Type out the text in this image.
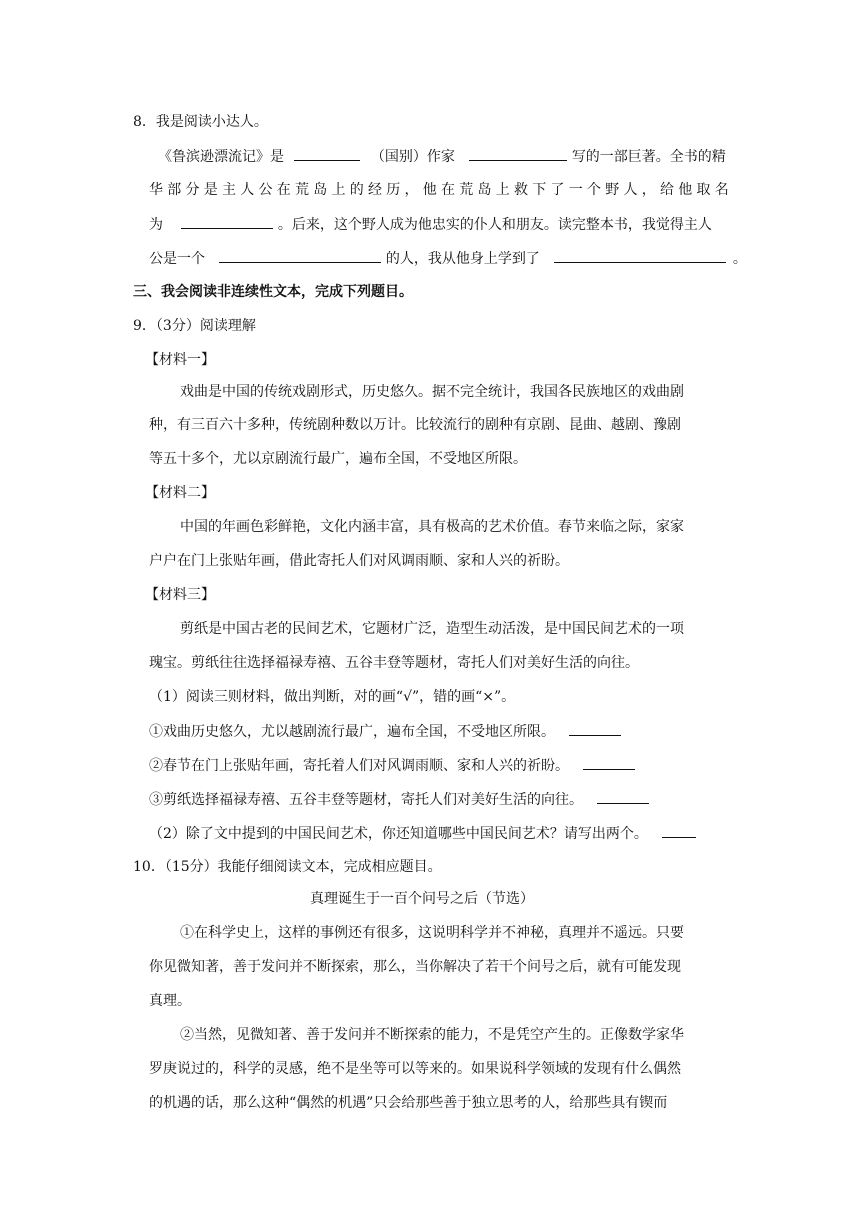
8．我是阅读小达人。
《鲁滨逊漂流记》是	（国别）作家	写的一部巨著。全书的精
华 部 分 是 主 人 公 在 荒 岛 上 的 经 历 ， 他 在 荒 岛 上 救 下 了 一 个 野 人 ， 给 他 取 名
为	。后来，这个野人成为他忠实的仆人和朋友。读完整本书，我觉得主人
公是一个	的人，我从他身上学到了	。
三、我会阅读非连续性文本，完成下列题目。
9．（3分）阅读理解
【材料一】
戏曲是中国的传统戏剧形式，历史悠久。据不完全统计，我国各民族地区的戏曲剧
种，有三百六十多种，传统剧种数以万计。比较流行的剧种有京剧、昆曲、越剧、豫剧
等五十多个，尤以京剧流行最广，遍布全国，不受地区所限。
【材料二】
中国的年画色彩鲜艳，文化内涵丰富，具有极高的艺术价值。春节来临之际，家家
户户在门上张贴年画，借此寄托人们对风调雨顺、家和人兴的祈盼。
【材料三】
剪纸是中国古老的民间艺术，它题材广泛，造型生动活泼，是中国民间艺术的一项
瑰宝。剪纸往往选择福禄寿禧、五谷丰登等题材，寄托人们对美好生活的向往。
（1）阅读三则材料，做出判断，对的画“√”，错的画“×”。
①戏曲历史悠久，尤以越剧流行最广，遍布全国，不受地区所限。
②春节在门上张贴年画，寄托着人们对风调雨顺、家和人兴的祈盼。
③剪纸选择福禄寿禧、五谷丰登等题材，寄托人们对美好生活的向往。
（2）除了文中提到的中国民间艺术，你还知道哪些中国民间艺术？请写出两个。
10．（15分）我能仔细阅读文本，完成相应题目。
真理诞生于一百个问号之后（节选）
①在科学史上，这样的事例还有很多，这说明科学并不神秘，真理并不遥远。只要
你见微知著，善于发问并不断探索，那么，当你解决了若干个问号之后，就有可能发现
真理。
②当然，见微知著、善于发问并不断探索的能力，不是凭空产生的。正像数学家华
罗庚说过的，科学的灵感，绝不是坐等可以等来的。如果说科学领域的发现有什么偶然
的机遇的话，那么这种“偶然的机遇”只会给那些善于独立思考的人，给那些具有锲而
